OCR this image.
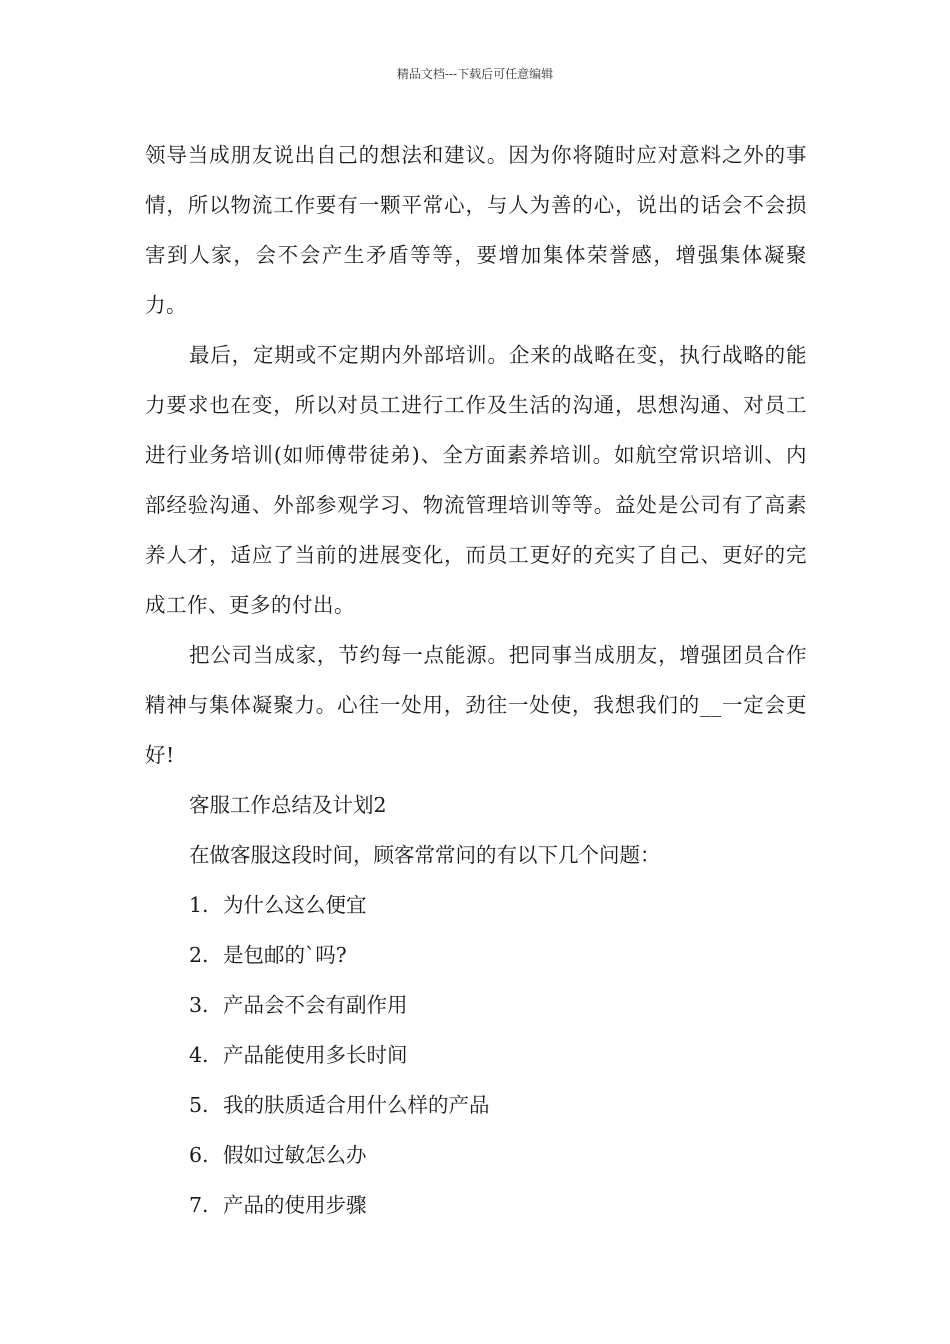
精品文档---下载后可任意编辑

领导当成朋友说出自己的想法和建议。因为你将随时应对意料之外的事情，所以物流工作要有一颗平常心，与人为善的心，说出的话会不会损害到人家，会不会产生矛盾等等，要增加集体荣誉感，增强集体凝聚力。

最后，定期或不定期内外部培训。企来的战略在变，执行战略的能力要求也在变，所以对员工进行工作及生活的沟通，思想沟通、对员工进行业务培训(如师傅带徒弟)、全方面素养培训。如航空常识培训、内部经验沟通、外部参观学习、物流管理培训等等。益处是公司有了高素养人才，适应了当前的进展变化，而员工更好的充实了自己、更好的完成工作、更多的付出。

把公司当成家，节约每一点能源。把同事当成朋友，增强团员合作精神与集体凝聚力。心往一处用，劲往一处使，我想我们的__一定会更好!

客服工作总结及计划2

在做客服这段时间，顾客常常问的有以下几个问题：

1. 为什么这么便宜
2. 是包邮的`吗?
3. 产品会不会有副作用
4. 产品能使用多长时间
5. 我的肤质适合用什么样的产品
6. 假如过敏怎么办
7. 产品的使用步骤
